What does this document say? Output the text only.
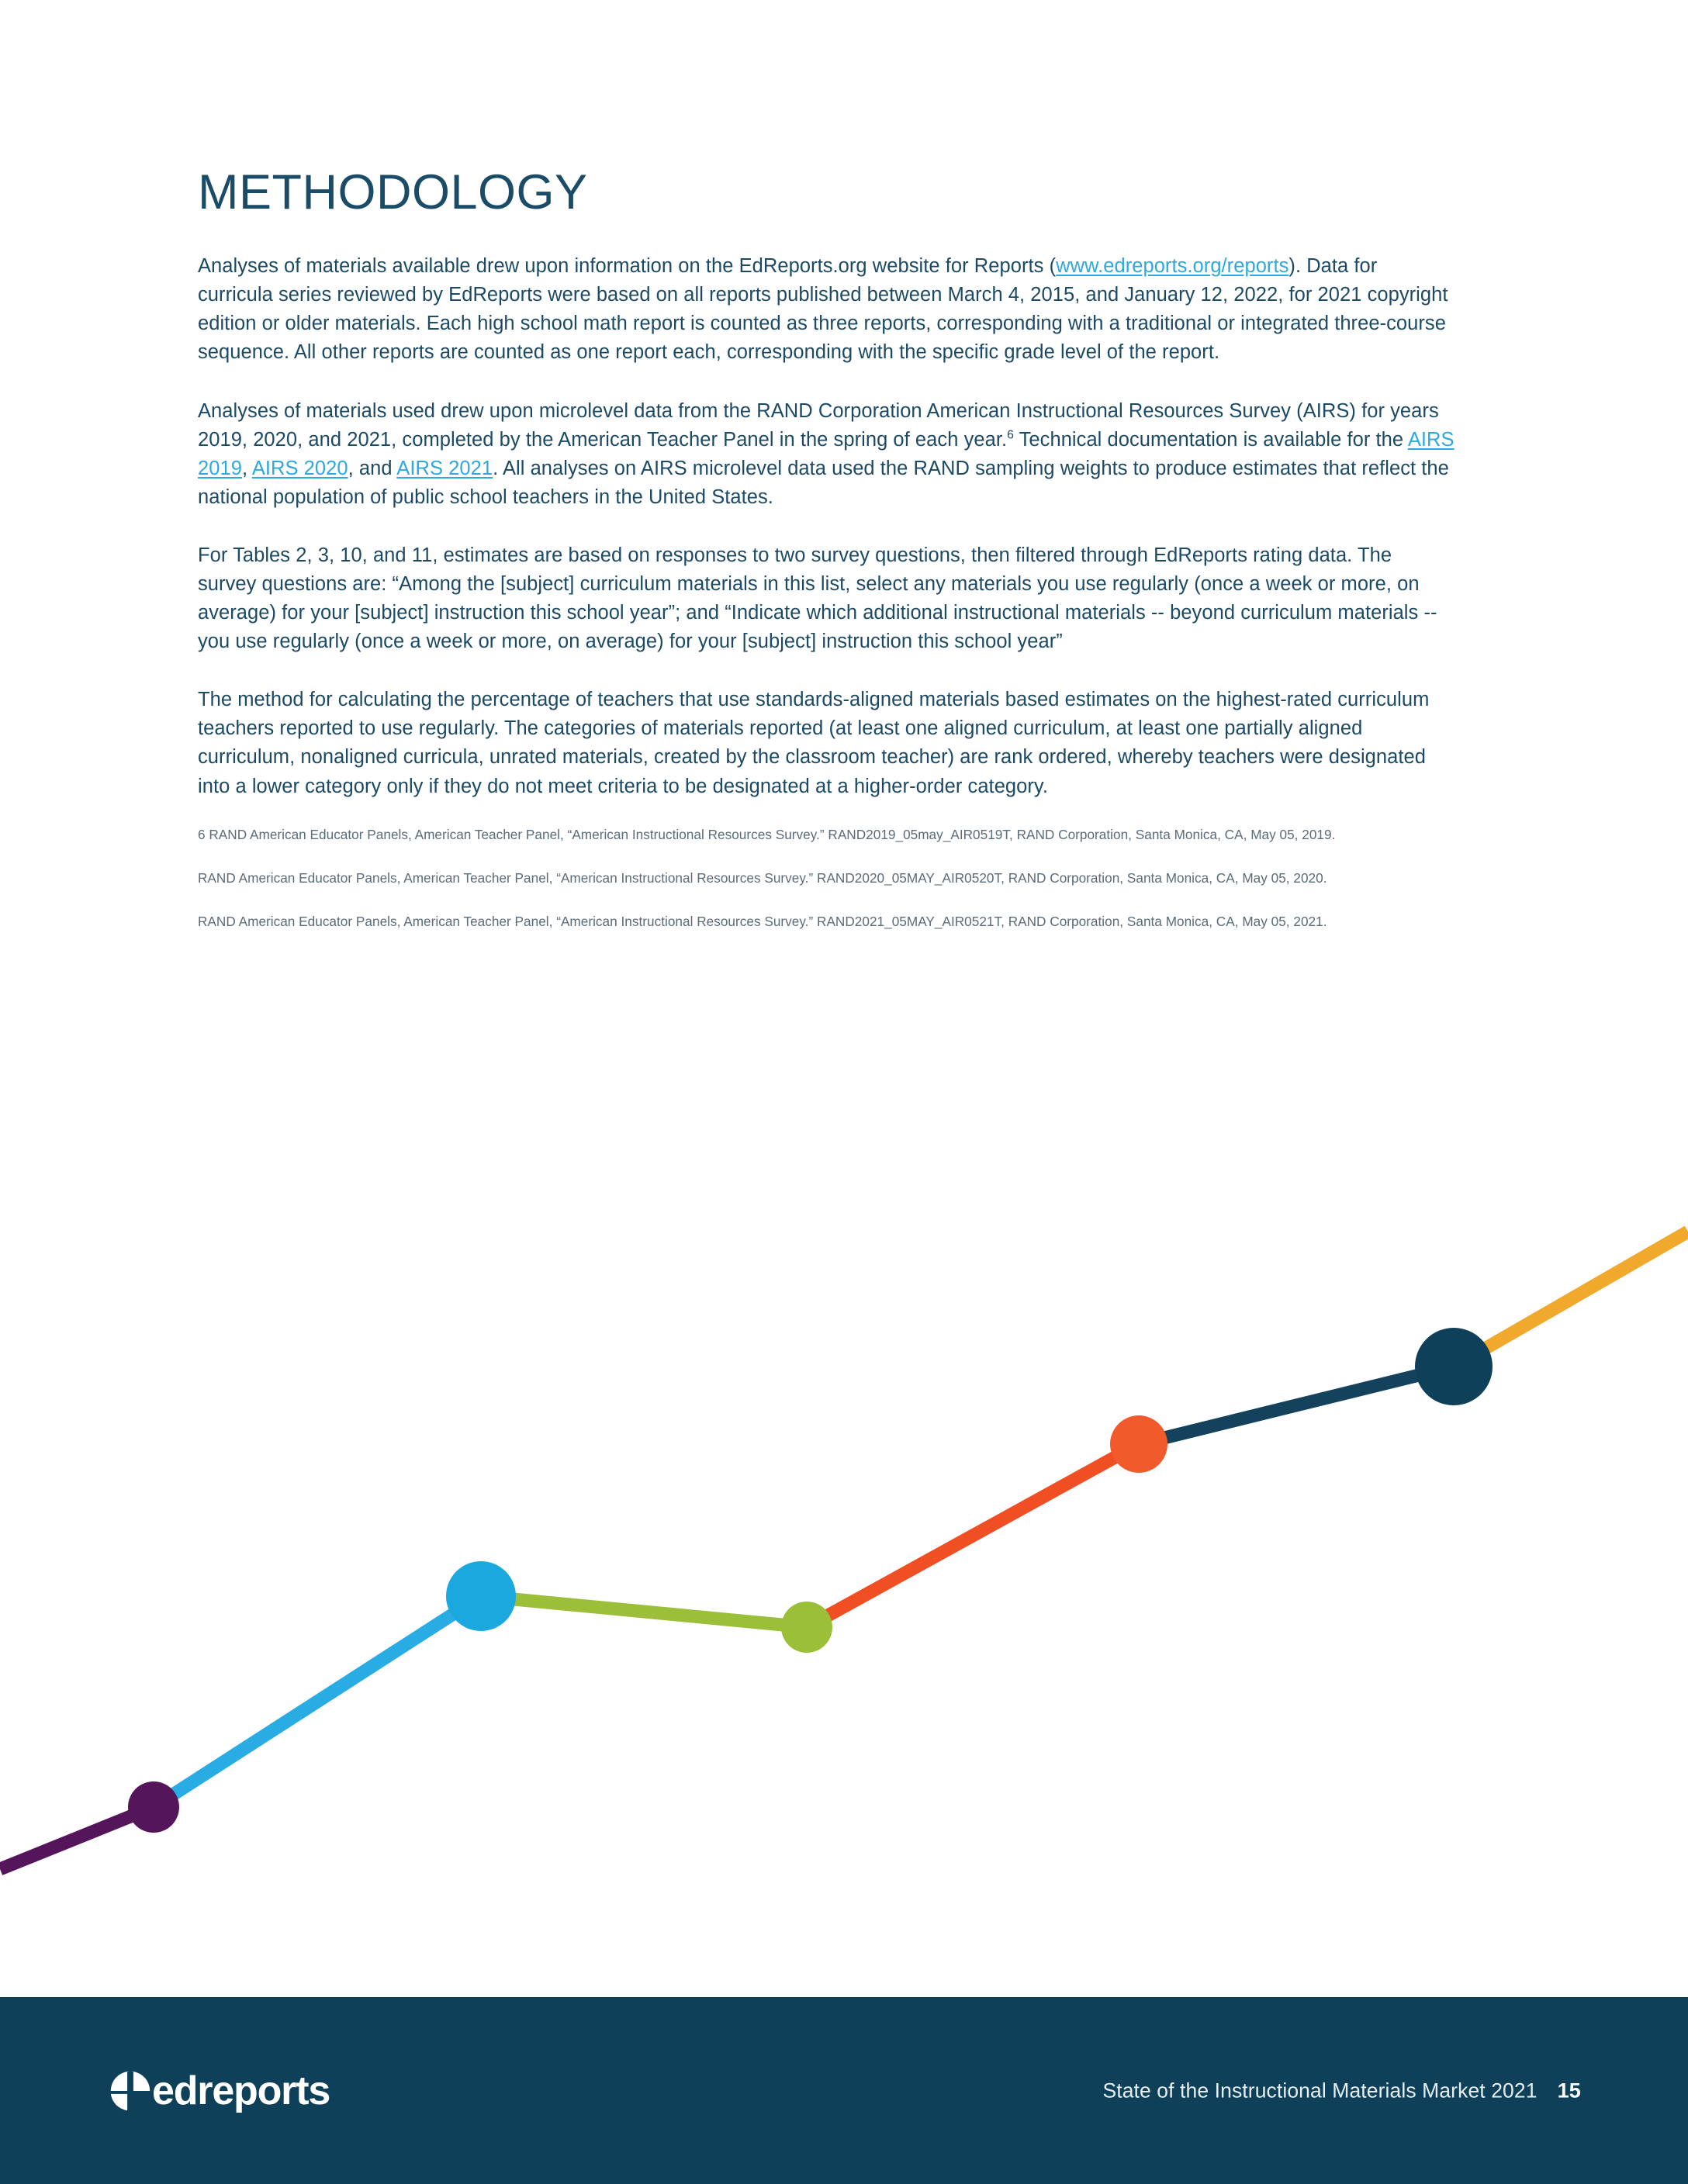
METHODOLOGY

Analyses of materials available drew upon information on the EdReports.org website for Reports (www.edreports.org/reports). Data for curricula series reviewed by EdReports were based on all reports published between March 4, 2015, and January 12, 2022, for 2021 copyright edition or older materials. Each high school math report is counted as three reports, corresponding with a traditional or integrated three-course sequence. All other reports are counted as one report each, corresponding with the specific grade level of the report.

Analyses of materials used drew upon microlevel data from the RAND Corporation American Instructional Resources Survey (AIRS) for years 2019, 2020, and 2021, completed by the American Teacher Panel in the spring of each year.$^6$ Technical documentation is available for the AIRS 2019, AIRS 2020, and AIRS 2021. All analyses on AIRS microlevel data used the RAND sampling weights to produce estimates that reflect the national population of public school teachers in the United States.

For Tables 2, 3, 10, and 11, estimates are based on responses to two survey questions, then filtered through EdReports rating data. The survey questions are: “Among the [subject] curriculum materials in this list, select any materials you use regularly (once a week or more, on average) for your [subject] instruction this school year”; and “Indicate which additional instructional materials -- beyond curriculum materials -- you use regularly (once a week or more, on average) for your [subject] instruction this school year”

The method for calculating the percentage of teachers that use standards-aligned materials based estimates on the highest-rated curriculum teachers reported to use regularly. The categories of materials reported (at least one aligned curriculum, at least one partially aligned curriculum, nonaligned curricula, unrated materials, created by the classroom teacher) are rank ordered, whereby teachers were designated into a lower category only if they do not meet criteria to be designated at a higher-order category.

6 RAND American Educator Panels, American Teacher Panel, “American Instructional Resources Survey.” RAND2019_05may_AIR0519T, RAND Corporation, Santa Monica, CA, May 05, 2019.

RAND American Educator Panels, American Teacher Panel, “American Instructional Resources Survey.” RAND2020_05MAY_AIR0520T, RAND Corporation, Santa Monica, CA, May 05, 2020.

RAND American Educator Panels, American Teacher Panel, “American Instructional Resources Survey.” RAND2021_05MAY_AIR0521T, RAND Corporation, Santa Monica, CA, May 05, 2021.

edreports	State of the Instructional Materials Market 2021 15
